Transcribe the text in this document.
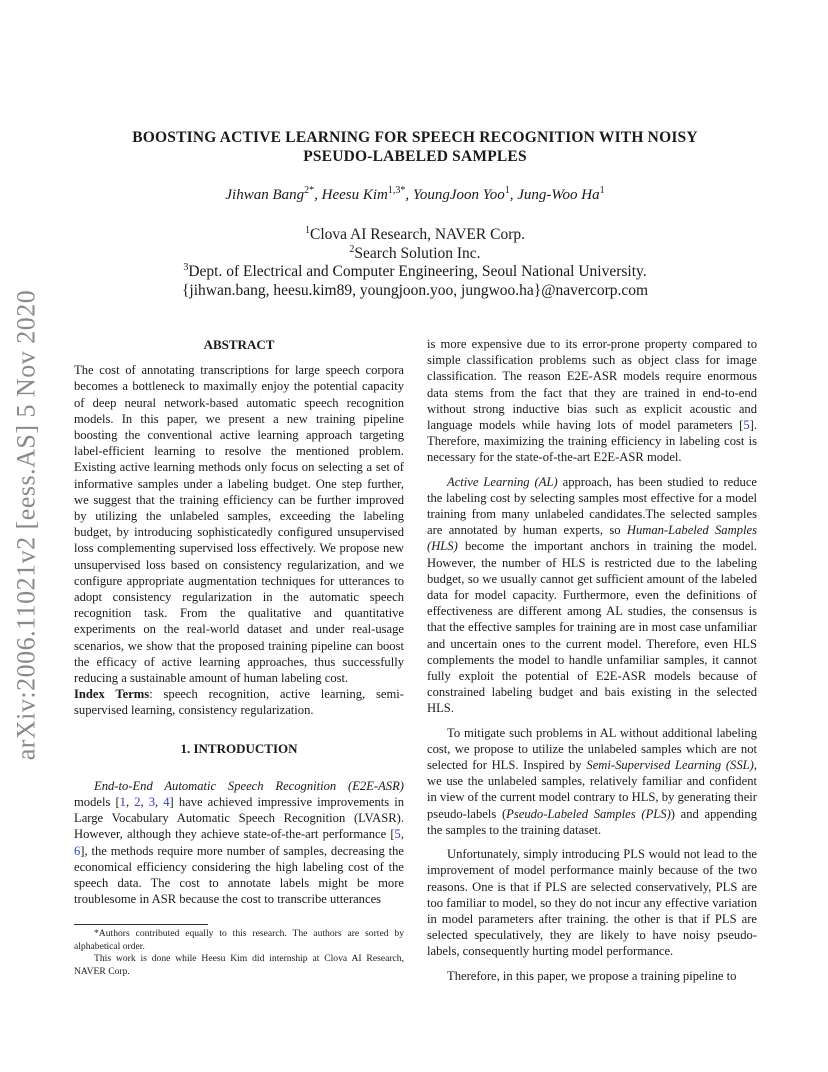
arXiv:2006.11021v2 [eess.AS] 5 Nov 2020
BOOSTING ACTIVE LEARNING FOR SPEECH RECOGNITION WITH NOISY
PSEUDO-LABELED SAMPLES
Jihwan Bang$^{2*}$, Heesu Kim$^{1,3*}$, YoungJoon Yoo$^1$, Jung-Woo Ha$^1$
$^1$Clova AI Research, NAVER Corp.
$^2$Search Solution Inc.
$^3$Dept. of Electrical and Computer Engineering, Seoul National University.
{jihwan.bang, heesu.kim89, youngjoon.yoo, jungwoo.ha}@navercorp.com
ABSTRACT

The cost of annotating transcriptions for large speech corpora becomes a bottleneck to maximally enjoy the potential capacity of deep neural network-based automatic speech recognition models. In this paper, we present a new training pipeline boosting the conventional active learning approach targeting label-efficient learning to resolve the mentioned problem. Existing active learning methods only focus on selecting a set of informative samples under a labeling budget. One step further, we suggest that the training efficiency can be further improved by utilizing the unlabeled samples, exceeding the labeling budget, by introducing sophisticatedly configured unsupervised loss complementing supervised loss effectively. We propose new unsupervised loss based on consistency regularization, and we configure appropriate augmentation techniques for utterances to adopt consistency regularization in the automatic speech recognition task. From the qualitative and quantitative experiments on the real-world dataset and under real-usage scenarios, we show that the proposed training pipeline can boost the efficacy of active learning approaches, thus successfully reducing a sustainable amount of human labeling cost.

Index Terms: speech recognition, active learning, semi-supervised learning, consistency regularization.

1. INTRODUCTION

End-to-End Automatic Speech Recognition (E2E-ASR) models [1, 2, 3, 4] have achieved impressive improvements in Large Vocabulary Automatic Speech Recognition (LVASR). However, although they achieve state-of-the-art performance [5, 6], the methods require more number of samples, decreasing the economical efficiency considering the high labeling cost of the speech data. The cost to annotate labels might be more troublesome in ASR because the cost to transcribe utterances

*Authors contributed equally to this research. The authors are sorted by alphabetical order.

This work is done while Heesu Kim did internship at Clova AI Research, NAVER Corp.

is more expensive due to its error-prone property compared to simple classification problems such as object class for image classification. The reason E2E-ASR models require enormous data stems from the fact that they are trained in end-to-end without strong inductive bias such as explicit acoustic and language models while having lots of model parameters [5]. Therefore, maximizing the training efficiency in labeling cost is necessary for the state-of-the-art E2E-ASR model.

Active Learning (AL) approach, has been studied to reduce the labeling cost by selecting samples most effective for a model training from many unlabeled candidates.The selected samples are annotated by human experts, so Human-Labeled Samples (HLS) become the important anchors in training the model. However, the number of HLS is restricted due to the labeling budget, so we usually cannot get sufficient amount of the labeled data for model capacity. Furthermore, even the definitions of effectiveness are different among AL studies, the consensus is that the effective samples for training are in most case unfamiliar and uncertain ones to the current model. Therefore, even HLS complements the model to handle unfamiliar samples, it cannot fully exploit the potential of E2E-ASR models because of constrained labeling budget and bais existing in the selected HLS.

To mitigate such problems in AL without additional labeling cost, we propose to utilize the unlabeled samples which are not selected for HLS. Inspired by Semi-Supervised Learning (SSL), we use the unlabeled samples, relatively familiar and confident in view of the current model contrary to HLS, by generating their pseudo-labels (Pseudo-Labeled Samples (PLS)) and appending the samples to the training dataset.

Unfortunately, simply introducing PLS would not lead to the improvement of model performance mainly because of the two reasons. One is that if PLS are selected conservatively, PLS are too familiar to model, so they do not incur any effective variation in model parameters after training. the other is that if PLS are selected speculatively, they are likely to have noisy pseudo-labels, consequently hurting model performance.

Therefore, in this paper, we propose a training pipeline to
